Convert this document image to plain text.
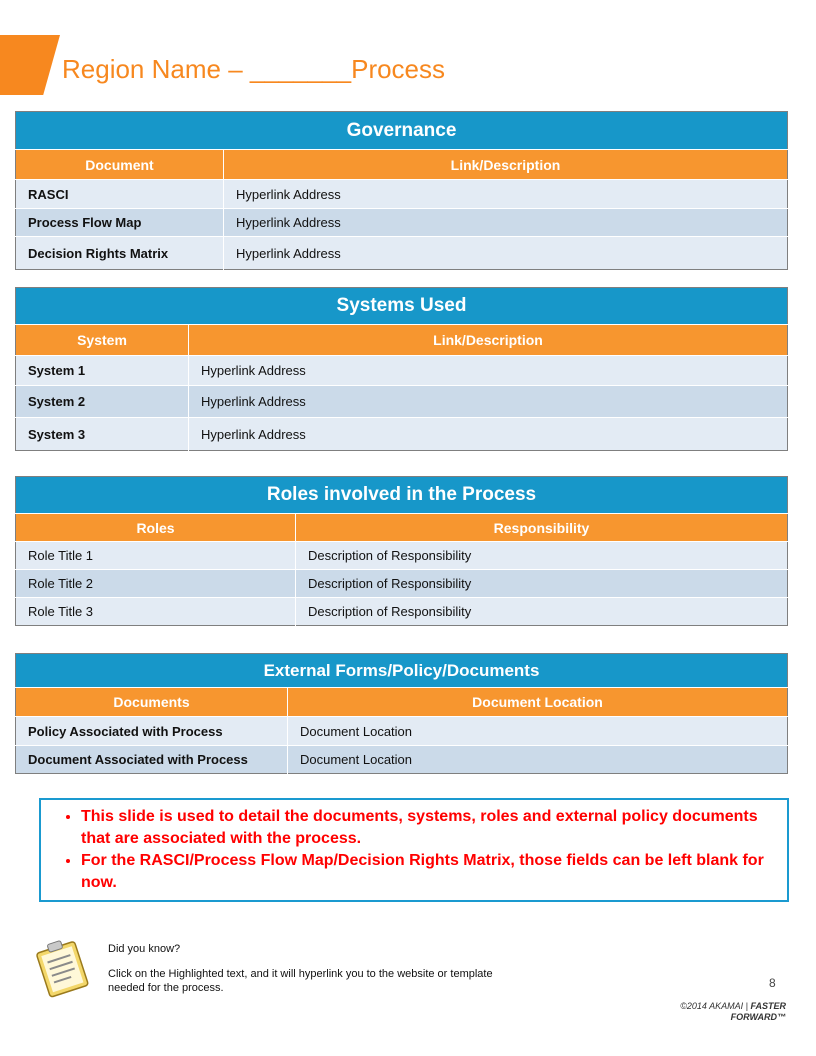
Region Name – _______Process
Governance	
Document	Link/Description
RASCI	Hyperlink Address
Process Flow Map	Hyperlink Address
Decision Rights Matrix	Hyperlink Address
Systems Used	
System	Link/Description
System 1	Hyperlink Address
System 2	Hyperlink Address
System 3	Hyperlink Address
Roles involved in the Process	
Roles	Responsibility
Role Title 1	Description of Responsibility
Role Title 2	Description of Responsibility
Role Title 3	Description of Responsibility
External Forms/Policy/Documents	
Documents	Document Location
Policy Associated with Process	Document Location
Document Associated with Process	Document Location
• This slide is used to detail the documents, systems, roles and external policy documents that are associated with the process.
• For the RASCI/Process Flow Map/Decision Rights Matrix, those fields can be left blank for now.

Did you know?

Click on the Highlighted text, and it will hyperlink you to the website or template needed for the process.	8
©2014 AKAMAI | FASTER
FORWARD™
